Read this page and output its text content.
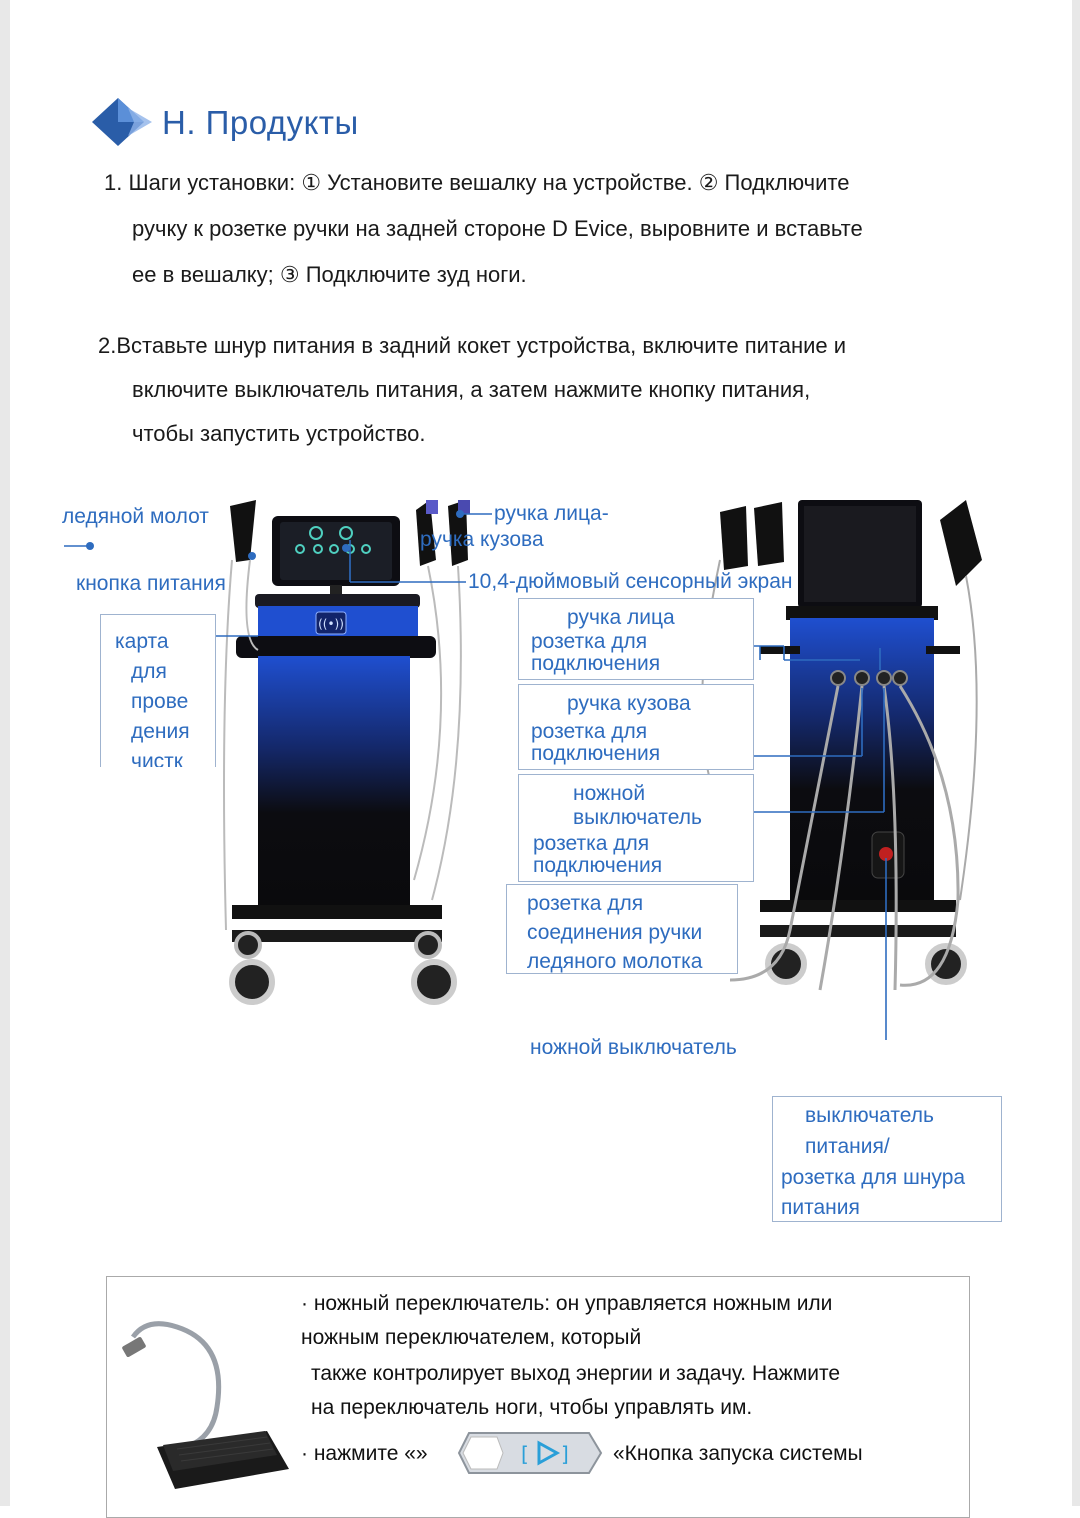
Н. Продукты
1. Шаги установки: ① Установите вешалку на устройстве. ② Подключите
ручку к розетке ручки на задней стороне D Evice, выровните и вставьте
ее в вешалку; ③ Подключите зуд ноги.
2.Вставьте шнур питания в задний кокет устройства, включите питание и
включите выключатель питания, а затем нажмите кнопку питания,
чтобы запустить устройство.
((•))
ледяной молот
кнопка питания
ручка лица-
ручка кузова
10,4-дюймовый сенсорный экран
карта
для
прове
дения
чистк
ручка лица
розетка для
подключения
ручка кузова
розетка для
подключения
ножной
выключатель
розетка для
подключения
розетка для
соединения ручки
ледяного молотка
ножной выключатель
выключатель
питания/
розетка для шнура
питания
· ножный переключатель: он управляется ножным или
ножным переключателем, который
также контролирует выход энергии и задачу. Нажмите
на переключатель ноги, чтобы управлять им.
· нажмите «»	[ ] «Кнопка запуска системы
